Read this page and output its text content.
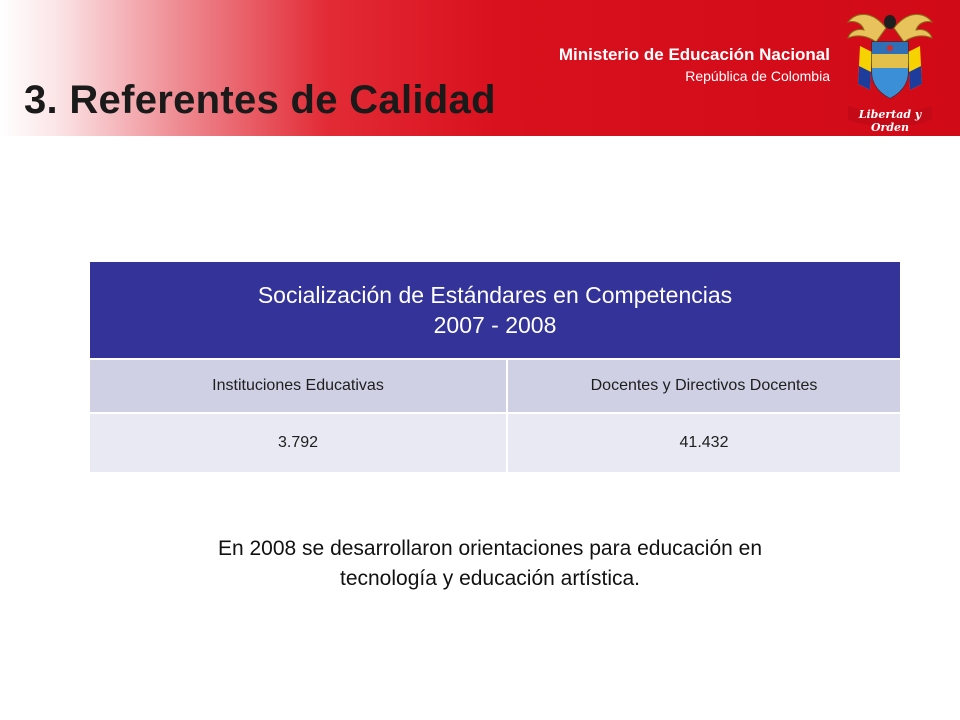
3. Referentes de Calidad
Ministerio de Educación Nacional
República de Colombia
Libertad y Orden
Socialización de Estándares en Competencias
2007 - 2008	
Instituciones Educativas	Docentes y Directivos Docentes
3.792	41.432

En 2008 se desarrollaron orientaciones para educación en
tecnología y educación artística.
